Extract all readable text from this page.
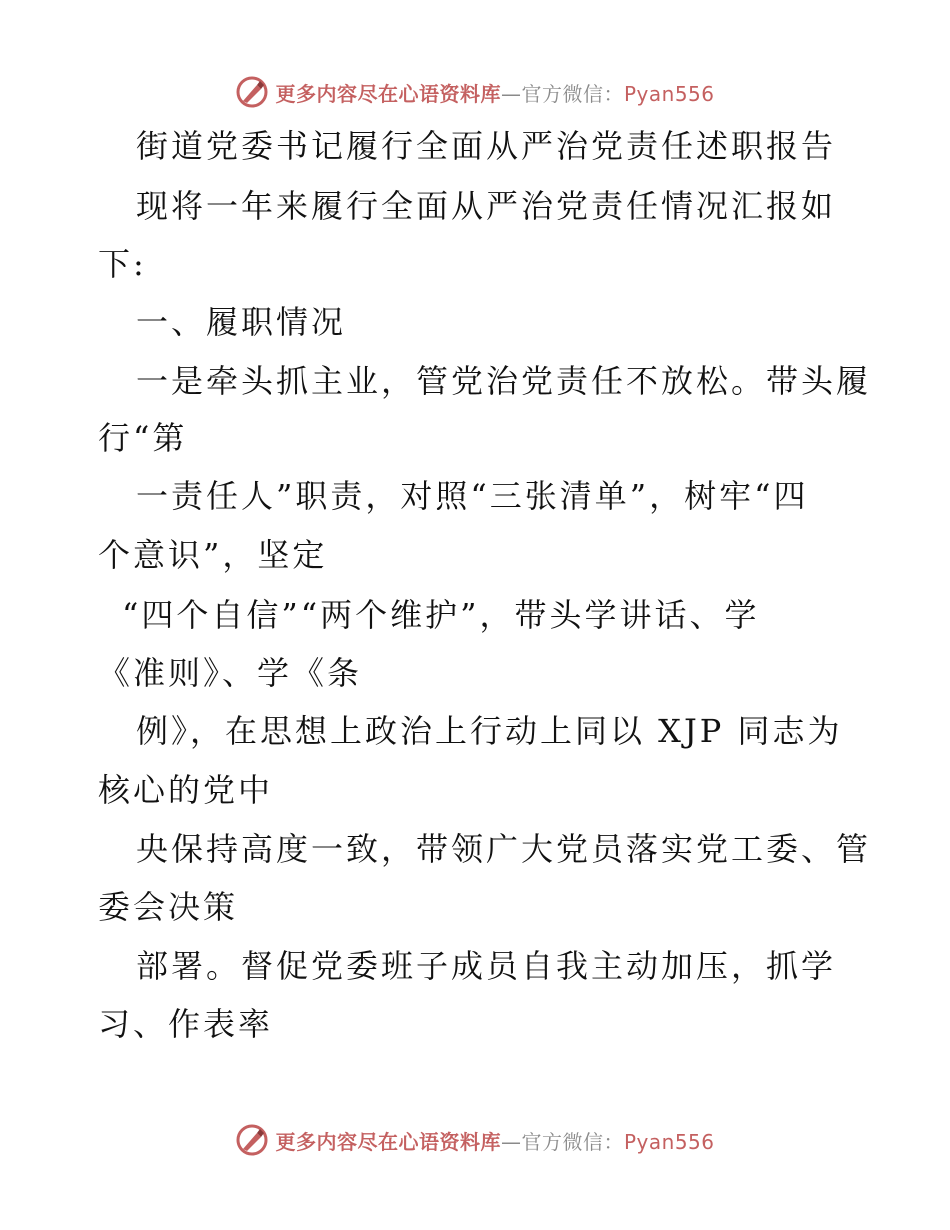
更多内容尽在心语资料库—官方微信：Pyan556
街道党委书记履行全面从严治党责任述职报告
现将一年来履行全面从严治党责任情况汇报如
下:
一、履职情况
一是牵头抓主业，管党治党责任不放松。带头履
行“第
一责任人”职责，对照“三张清单”，树牢“四
个意识”，坚定
“四个自信”“两个维护”，带头学讲话、学
《准则》、学《条
例》，在思想上政治上行动上同以 XJP 同志为
核心的党中
央保持高度一致，带领广大党员落实党工委、管
委会决策
部署。督促党委班子成员自我主动加压，抓学
习、作表率
更多内容尽在心语资料库—官方微信：Pyan556
